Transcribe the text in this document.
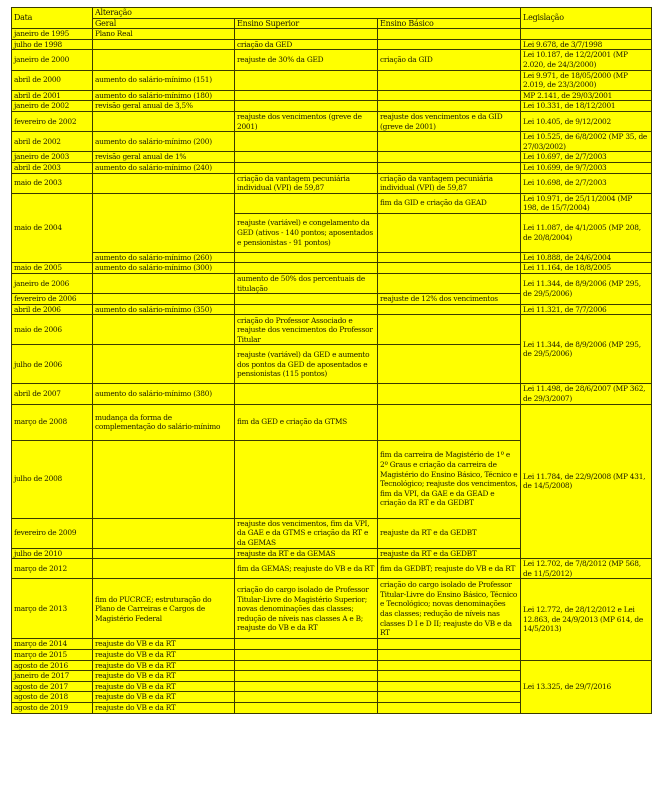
Data	Alteração			Legislação
	Geral	Ensino Superior	Ensino Básico	
janeiro de 1995	Plano Real			
julho de 1998		criação da GED		Lei 9.678, de 3/7/1998
janeiro de 2000		reajuste de 30% da GED	criação da GID	Lei 10.187, de 12/2/2001 (MP 2.020, de 24/3/2000)
abril de 2000	aumento do salário-mínimo (151)			Lei 9.971, de 18/05/2000 (MP 2.019, de 23/3/2000)
abril de 2001	aumento do salário-mínimo (180)			MP 2.141, de 29/03/2001
janeiro de 2002	revisão geral anual de 3,5%			Lei 10.331, de 18/12/2001
fevereiro de 2002		reajuste dos vencimentos (greve de 2001)	reajuste dos vencimentos e da GID (greve de 2001)	Lei 10.405, de 9/12/2002
abril de 2002	aumento do salário-mínimo (200)			Lei 10.525, de 6/8/2002 (MP 35, de 27/03/2002)
janeiro de 2003	revisão geral anual de 1%			Lei 10.697, de 2/7/2003
abril de 2003	aumento do salário-mínimo (240)			Lei 10.699, de 9/7/2003
maio de 2003		criação da vantagem pecuniária individual (VPI) de 59,87	criação da vantagem pecuniária individual (VPI) de 59,87	Lei 10.698, de 2/7/2003
maio de 2004			fim da GID e criação da GEAD	Lei 10.971, de 25/11/2004 (MP 198, de 15/7/2004)
		reajuste (variável) e congelamento da GED (ativos - 140 pontos; aposentados e pensionistas - 91 pontos)		Lei 11.087, de 4/1/2005 (MP 208, de 20/8/2004)
	aumento do salário-mínimo (260)			Lei 10.888, de 24/6/2004
maio de 2005	aumento do salário-mínimo (300)			Lei 11.164, de 18/8/2005
janeiro de 2006		aumento de 50% dos percentuais de titulação		Lei 11.344, de 8/9/2006 (MP 295, de 29/5/2006)
fevereiro de 2006			reajuste de 12% dos vencimentos	
abril de 2006	aumento do salário-mínimo (350)			Lei 11.321, de 7/7/2006
maio de 2006		criação do Professor Associado e reajuste dos vencimentos do Professor Titular		Lei 11.344, de 8/9/2006 (MP 295, de 29/5/2006)
julho de 2006		reajuste (variável) da GED e aumento dos pontos da GED de aposentados e pensionistas (115 pontos)		
abril de 2007	aumento do salário-mínimo (380)			Lei 11.498, de 28/6/2007 (MP 362, de 29/3/2007)
março de 2008	mudança da forma de complementação do salário-mínimo	fim da GED e criação da GTMS		Lei 11.784, de 22/9/2008 (MP 431, de 14/5/2008)
julho de 2008			fim da carreira de Magistério de 1º e 2º Graus e criação da carreira de Magistério do Ensino Básico, Técnico e Tecnológico; reajuste dos vencimentos, fim da VPI, da GAE e da GEAD e criação da RT e da GEDBT	
fevereiro de 2009		reajuste dos vencimentos, fim da VPI, da GAE e da GTMS e criação da RT e da GEMAS	reajuste da RT e da GEDBT	
julho de 2010		reajuste da RT e da GEMAS	reajuste da RT e da GEDBT	
março de 2012		fim da GEMAS; reajuste do VB e da RT	fim da GEDBT; reajuste do VB e da RT	Lei 12.702, de 7/8/2012 (MP 568, de 11/5/2012)
março de 2013	fim do PUCRCE; estruturação do Plano de Carreiras e Cargos de Magistério Federal	criação do cargo isolado de Professor Titular-Livre do Magistério Superior; novas denominações das classes; redução de níveis nas classes A e B; reajuste do VB e da RT	criação do cargo isolado de Professor Titular-Livre do Ensino Básico, Técnico e Tecnológico; novas denominações das classes; redução de níveis nas classes D I e D II; reajuste do VB e da RT	Lei 12.772, de 28/12/2012 e Lei 12.863, de 24/9/2013 (MP 614, de 14/5/2013)
março de 2014	reajuste do VB e da RT			
março de 2015	reajuste do VB e da RT			
agosto de 2016	reajuste do VB e da RT			Lei 13.325, de 29/7/2016
janeiro de 2017	reajuste do VB e da RT			
agosto de 2017	reajuste do VB e da RT			
agosto de 2018	reajuste do VB e da RT			
agosto de 2019	reajuste do VB e da RT			
